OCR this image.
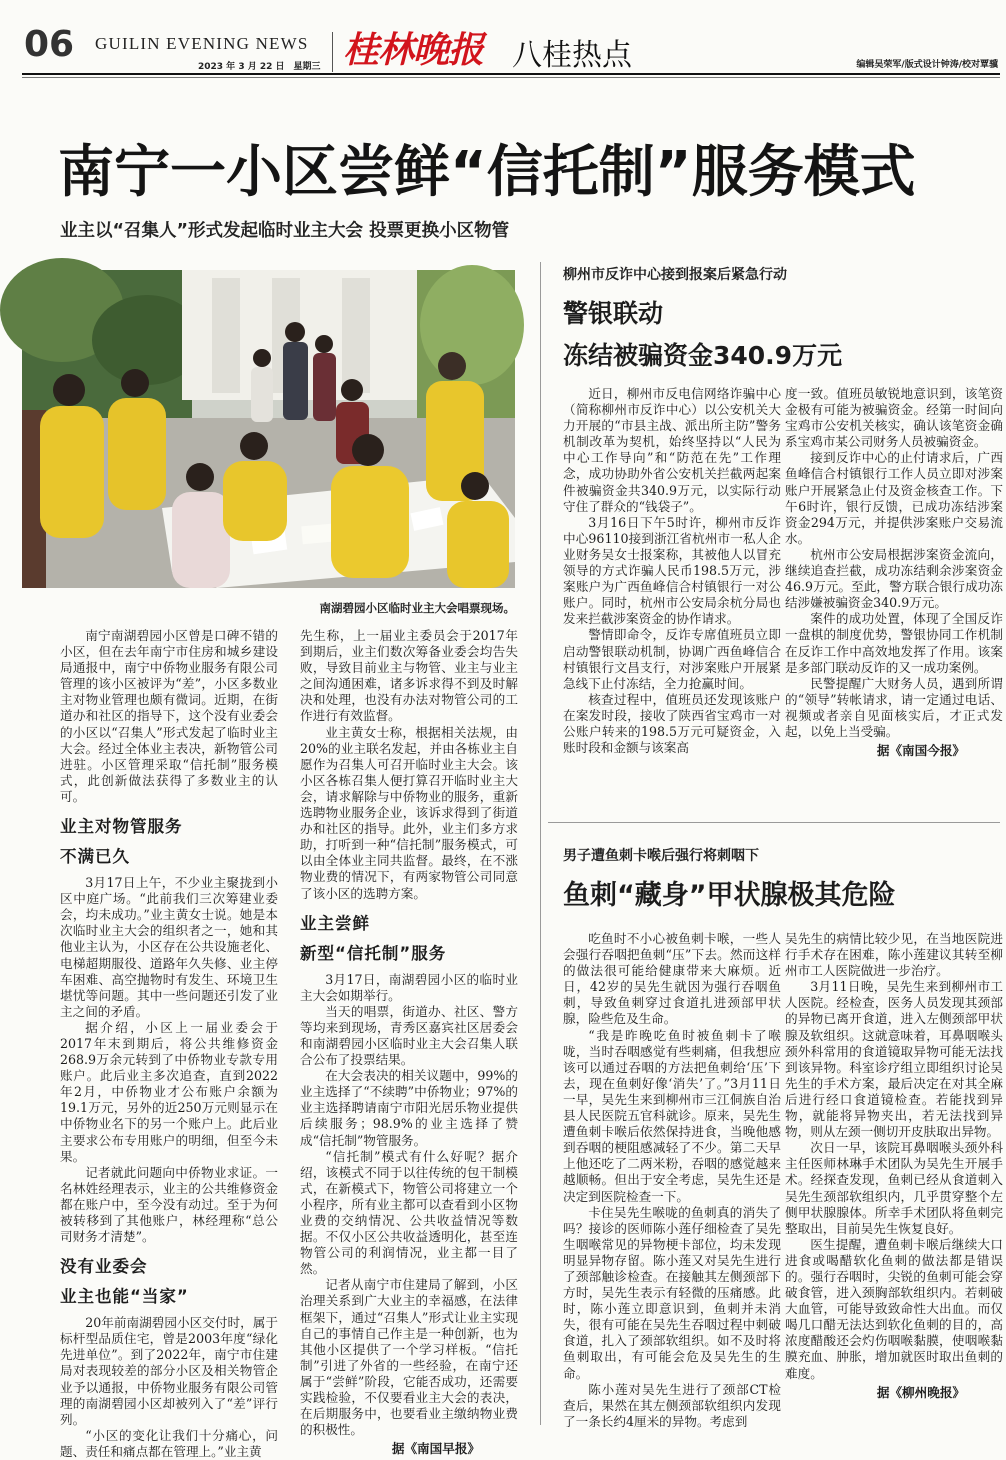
06 GUILIN EVENING NEWS
2023 年 3 月 22 日　星期三 桂林晚报 八桂热点	编辑吴荣军/版式设计钟涛/校对覃骥
南宁一小区尝鲜“信托制”服务模式
业主以“召集人”形式发起临时业主大会 投票更换小区物管
南湖碧园小区临时业主大会唱票现场。

南宁南湖碧园小区曾是口碑不错的小区，但在去年南宁市住房和城乡建设局通报中，南宁中侨物业服务有限公司管理的该小区被评为“差”，小区多数业主对物业管理也颇有微词。近期，在街道办和社区的指导下，这个没有业委会的小区以“召集人”形式发起了临时业主大会。经过全体业主表决，新物管公司进驻。小区管理采取“信托制”服务模式，此创新做法获得了多数业主的认可。

业主对物管服务
不满已久

3月17日上午，不少业主聚拢到小区中庭广场。“此前我们三次筹建业委会，均未成功。”业主黄女士说。她是本次临时业主大会的组织者之一，她和其他业主认为，小区存在公共设施老化、电梯超期服役、道路年久失修、业主停车困难、高空抛物时有发生、环境卫生堪忧等问题。其中一些问题还引发了业主之间的矛盾。

据介绍，小区上一届业委会于2017年末到期后，将公共维修资金268.9万余元转到了中侨物业专款专用账户。此后业主多次追查，直到2022年2月，中侨物业才公布账户余额为19.1万元，另外的近250万元则显示在中侨物业名下的另一个账户上。此后业主要求公布专用账户的明细，但至今未果。

记者就此问题向中侨物业求证。一名林姓经理表示，业主的公共维修资金都在账户中，至今没有动过。至于为何被转移到了其他账户，林经理称“总公司财务才清楚”。

没有业委会
业主也能“当家”

20年前南湖碧园小区交付时，属于标杆型品质住宅，曾是2003年度“绿化先进单位”。到了2022年，南宁市住建局对表现较差的部分小区及相关物管企业予以通报，中侨物业服务有限公司管理的南湖碧园小区却被列入了“差”评行列。

“小区的变化让我们十分痛心，问题、责任和痛点都在管理上。”业主黄

先生称，上一届业主委员会于2017年到期后，业主们数次筹备业委会均告失败，导致目前业主与物管、业主与业主之间沟通困难，诸多诉求得不到及时解决和处理，也没有办法对物管公司的工作进行有效监督。

业主黄女士称，根据相关法规，由20%的业主联名发起，并由各栋业主自愿作为召集人可召开临时业主大会。该小区各栋召集人便打算召开临时业主大会，请求解除与中侨物业的服务，重新选聘物业服务企业，该诉求得到了街道办和社区的指导。此外，业主们多方求助，打听到一种“信托制”服务模式，可以由全体业主同共监督。最终，在不涨物业费的情况下，有两家物管公司同意了该小区的选聘方案。

业主尝鲜
新型“信托制”服务

3月17日，南湖碧园小区的临时业主大会如期举行。

当天的唱票，街道办、社区、警方等均来到现场，青秀区嘉宾社区居委会和南湖碧园小区临时业主大会召集人联合公布了投票结果。

在大会表决的相关议题中，99%的业主选择了“不续聘”中侨物业；97%的业主选择聘请南宁市阳光居乐物业提供后续服务；98.9%的业主选择了赞成“信托制”物管服务。

“信托制”模式有什么好呢？据介绍，该模式不同于以往传统的包干制模式，在新模式下，物管公司将建立一个小程序，所有业主都可以查看到小区物业费的交纳情况、公共收益情况等数据。不仅小区公共收益透明化，甚至连物管公司的利润情况，业主都一目了然。

记者从南宁市住建局了解到，小区治理关系到广大业主的幸福感，在法律框架下，通过“召集人”形式让业主实现自己的事情自己作主是一种创新，也为其他小区提供了一个学习样板。“信托制”引进了外省的一些经验，在南宁还属于“尝鲜”阶段，它能否成功，还需要实践检验，不仅要看业主大会的表决，在后期服务中，也要看业主缴纳物业费的积极性。

据《南国早报》

柳州市反诈中心接到报案后紧急行动
警银联动
冻结被骗资金340.9万元

近日，柳州市反电信网络诈骗中心（简称柳州市反诈中心）以公安机关大力开展的“市县主战、派出所主防”警务机制改革为契机，始终坚持以“人民为中心工作导向”和“防范在先”工作理念，成功协助外省公安机关拦截两起案件被骗资金共340.9万元，以实际行动守住了群众的“钱袋子”。

3月16日下午5时许，柳州市反诈中心96110接到浙江省杭州市一私人企业财务吴女士报案称，其被他人以冒充领导的方式诈骗人民币198.5万元，涉案账户为广西鱼峰信合村镇银行一对公账户。同时，杭州市公安局余杭分局也发来拦截涉案资金的协作请求。

警情即命令，反诈专席值班员立即启动警银联动机制，协调广西鱼峰信合村镇银行文昌支行，对涉案账户开展紧急线下止付冻结，全力抢赢时间。

核查过程中，值班员还发现该账户在案发时段，接收了陕西省宝鸡市一对公账户转来的198.5万元可疑资金，入账时段和金额与该案高

度一致。值班员敏锐地意识到，该笔资金极有可能为被骗资金。经第一时间向宝鸡市公安机关核实，确认该笔资金确系宝鸡市某公司财务人员被骗资金。

接到反诈中心的止付请求后，广西鱼峰信合村镇银行工作人员立即对涉案账户开展紧急止付及资金核查工作。下午6时许，银行反馈，已成功冻结涉案资金294万元，并提供涉案账户交易流水。

杭州市公安局根据涉案资金流向，继续追查拦截，成功冻结剩余涉案资金46.9万元。至此，警方联合银行成功冻结涉嫌被骗资金340.9万元。

案件的成功处置，体现了全国反诈一盘棋的制度优势，警银协同工作机制在反诈工作中高效地发挥了作用。该案是多部门联动反诈的又一成功案例。

民警提醒广大财务人员，遇到所谓的“领导”转帐请求，请一定通过电话、视频或者亲自见面核实后，才正式发起，以免上当受骗。

据《南国今报》

男子遭鱼刺卡喉后强行将刺咽下
鱼刺“藏身”甲状腺极其危险

吃鱼时不小心被鱼刺卡喉，一些人会强行吞咽把鱼刺“压”下去。然而这样的做法很可能给健康带来大麻烦。近日，42岁的吴先生就因为强行吞咽鱼刺，导致鱼刺穿过食道扎进颈部甲状腺，险些危及生命。

“我是昨晚吃鱼时被鱼刺卡了喉咙，当时吞咽感觉有些刺痛，但我想应该可以通过吞咽的方法把鱼刺给‘压’下去，现在鱼刺好像‘消失’了。”3月11日一早，吴先生来到柳州市三江侗族自治县人民医院五官科就诊。原来，吴先生遭鱼刺卡喉后依然保持进食，当晚他感到吞咽的梗阻感减轻了不少。第二天早上他还吃了二两米粉，吞咽的感觉越来越顺畅。但出于安全考虑，吴先生还是决定到医院检查一下。

卡住吴先生喉咙的鱼刺真的消失了吗？接诊的医师陈小莲仔细检查了吴先生咽喉常见的异物梗卡部位，均未发现明显异物存留。陈小莲又对吴先生进行了颈部触诊检查。在接触其左侧颈部下方时，吴先生表示有轻微的压痛感。此时，陈小莲立即意识到，鱼刺并未消失，很有可能在吴先生吞咽过程中刺破食道，扎入了颈部软组织。如不及时将鱼刺取出，有可能会危及吴先生的生命。

陈小莲对吴先生进行了颈部CT检查后，果然在其左侧颈部软组织内发现了一条长约4厘米的异物。考虑到

吴先生的病情比较少见，在当地医院进行手术存在困难，陈小莲建议其转至柳州市工人医院做进一步治疗。

3月11日晚，吴先生来到柳州市工人医院。经检查，医务人员发现其颈部的异物已离开食道，进入左侧颈部甲状腺及软组织。这就意味着，耳鼻咽喉头颈外科常用的食道镜取异物可能无法找到该异物。科室诊疗组立即组织讨论吴先生的手术方案，最后决定在对其全麻后进行经口食道镜检查。若能找到异物，就能将异物夹出，若无法找到异物，则从左颈一侧切开皮肤取出异物。

次日一早，该院耳鼻咽喉头颈外科主任医师林琳手术团队为吴先生开展手术。经探查发现，鱼刺已经从食道刺入吴先生颈部软组织内，几乎贯穿整个左侧甲状腺腺体。所幸手术团队将鱼刺完整取出，目前吴先生恢复良好。

医生提醒，遭鱼刺卡喉后继续大口进食或喝醋软化鱼刺的做法都是错误的。强行吞咽时，尖锐的鱼刺可能会穿破食管，进入颈胸部软组织内。若刺破大血管，可能导致致命性大出血。而仅喝几口醋无法达到软化鱼刺的目的，高浓度醋酸还会灼伤咽喉黏膜，使咽喉黏膜充血、肿胀，增加就医时取出鱼刺的难度。

据《柳州晚报》
